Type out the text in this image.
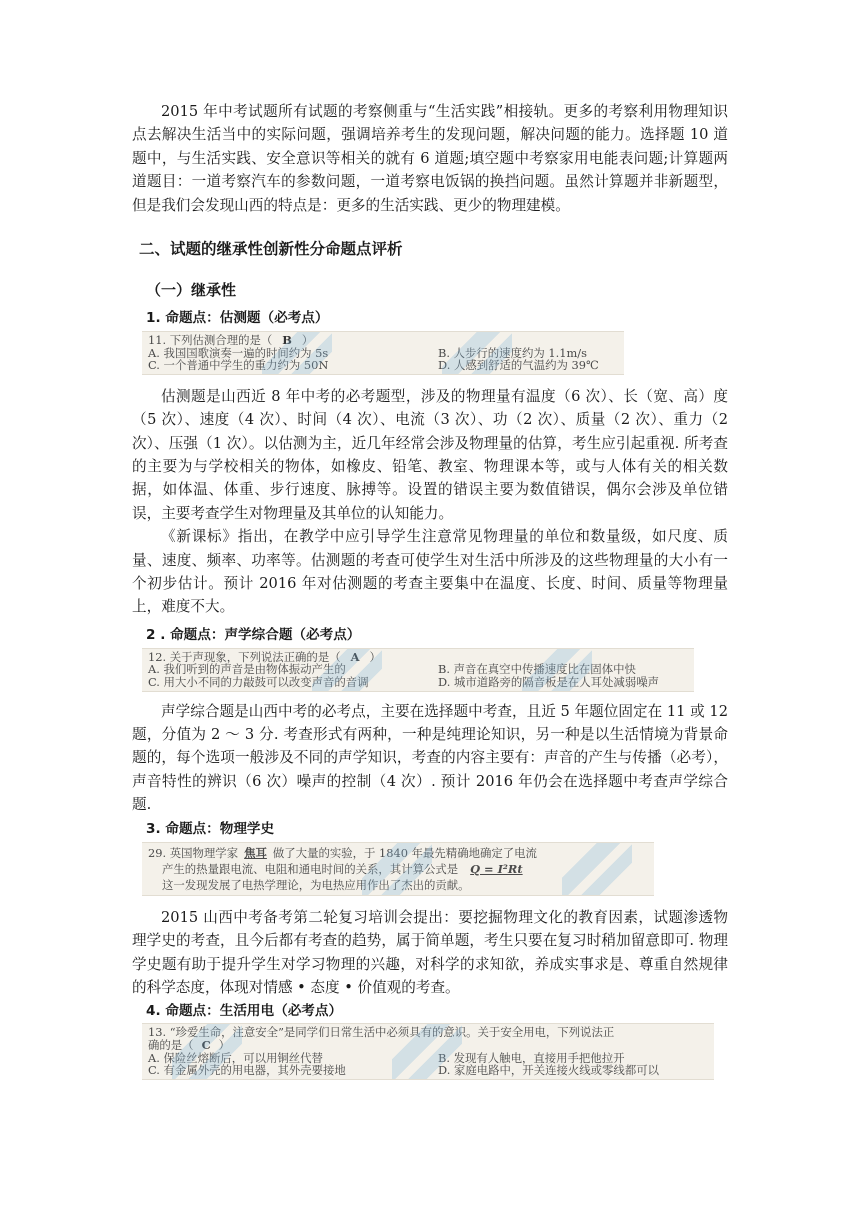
2015 年中考试题所有试题的考察侧重与“生活实践”相接轨。更多的考察利用物理知识点去解决生活当中的实际问题，强调培养考生的发现问题，解决问题的能力。选择题 10 道题中，与生活实践、安全意识等相关的就有 6 道题;填空题中考察家用电能表问题;计算题两道题目：一道考察汽车的参数问题，一道考察电饭锅的换挡问题。虽然计算题并非新题型，但是我们会发现山西的特点是：更多的生活实践、更少的物理建模。

二、试题的继承性创新性分命题点评析

（一）继承性

1. 命题点：估测题（必考点）

11. 下列估测合理的是（ B ）
A. 我国国歌演奏一遍的时间约为 5s	B. 人步行的速度约为 1.1m/s
C. 一个普通中学生的重力约为 50N	D. 人感到舒适的气温约为 39℃

估测题是山西近 8 年中考的必考题型，涉及的物理量有温度（6 次）、长（宽、高）度（5 次）、速度（4 次）、时间（4 次）、电流（3 次）、功（2 次）、质量（2 次）、重力（2 次）、压强（1 次）。以估测为主，近几年经常会涉及物理量的估算，考生应引起重视. 所考查的主要为与学校相关的物体，如橡皮、铅笔、教室、物理课本等，或与人体有关的相关数据，如体温、体重、步行速度、脉搏等。设置的错误主要为数值错误，偶尔会涉及单位错误，主要考查学生对物理量及其单位的认知能力。

《新课标》指出，在教学中应引导学生注意常见物理量的单位和数量级，如尺度、质量、速度、频率、功率等。估测题的考查可使学生对生活中所涉及的这些物理量的大小有一个初步估计。预计 2016 年对估测题的考查主要集中在温度、长度、时间、质量等物理量上，难度不大。

2 . 命题点：声学综合题（必考点）

12. 关于声现象，下列说法正确的是（ A ）
A. 我们听到的声音是由物体振动产生的	B. 声音在真空中传播速度比在固体中快
C. 用大小不同的力敲鼓可以改变声音的音调	D. 城市道路旁的隔音板是在人耳处减弱噪声

声学综合题是山西中考的必考点，主要在选择题中考查，且近 5 年题位固定在 11 或 12 题，分值为 2 ～ 3 分. 考查形式有两种，一种是纯理论知识，另一种是以生活情境为背景命题的，每个选项一般涉及不同的声学知识，考查的内容主要有：声音的产生与传播（必考），声音特性的辨识（6 次）噪声的控制（4 次）. 预计 2016 年仍会在选择题中考查声学综合题.

3. 命题点：物理学史

29. 英国物理学家 焦耳 做了大量的实验，于 1840 年最先精确地确定了电流
产生的热量跟电流、电阻和通电时间的关系，其计算公式是 Q = I²Rt
这一发现发展了电热学理论，为电热应用作出了杰出的贡献。

2015 山西中考备考第二轮复习培训会提出：要挖掘物理文化的教育因素，试题渗透物理学史的考查，且今后都有考查的趋势，属于简单题，考生只要在复习时稍加留意即可. 物理学史题有助于提升学生对学习物理的兴趣，对科学的求知欲，养成实事求是、尊重自然规律的科学态度，体现对情感 • 态度 • 价值观的考查。

4. 命题点：生活用电（必考点）

13. “珍爱生命，注意安全”是同学们日常生活中必须具有的意识。关于安全用电，下列说法正
确的是（ C ）
A. 保险丝熔断后，可以用铜丝代替	B. 发现有人触电，直接用手把他拉开
C. 有金属外壳的用电器，其外壳要接地	D. 家庭电路中，开关连接火线或零线都可以
